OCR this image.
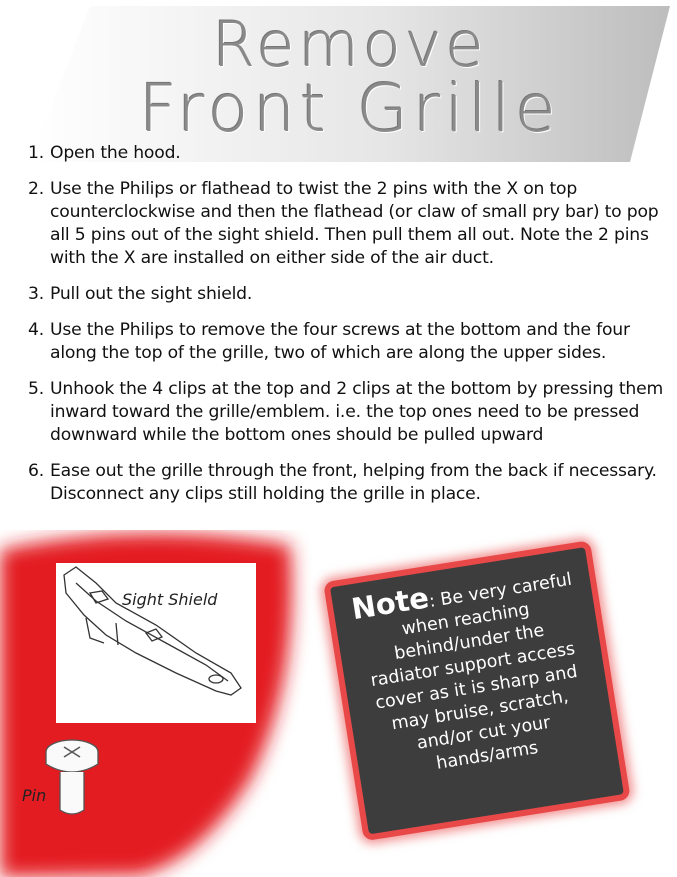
Remove
Front Grille
1. Open the hood.
2. Use the Philips or flathead to twist the 2 pins with the X on top counterclockwise and then the flathead (or claw of small pry bar) to pop all 5 pins out of the sight shield. Then pull them all out. Note the 2 pins with the X are installed on either side of the air duct.
3. Pull out the sight shield.
4. Use the Philips to remove the four screws at the bottom and the four along the top of the grille, two of which are along the upper sides.
5. Unhook the 4 clips at the top and 2 clips at the bottom by pressing them inward toward the grille/emblem. i.e. the top ones need to be pressed downward while the bottom ones should be pulled upward
6. Ease out the grille through the front, helping from the back if necessary. Disconnect any clips still holding the grille in place.
Sight Shield
Pin
Note: Be very careful when reaching behind/under the radiator support access cover as it is sharp and may bruise, scratch, and/or cut your hands/arms
